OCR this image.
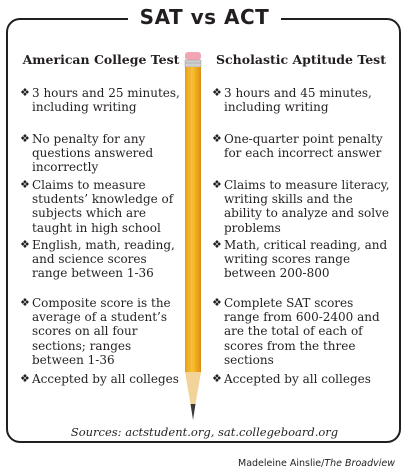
SAT vs ACT
American College Test	Scholastic Aptitude Test
❖ 3 hours and 25 minutes, including writing
❖ No penalty for any questions answered incorrectly
❖ Claims to measure students’ knowledge of subjects which are taught in high school
❖ English, math, reading, and science scores range between 1-36
❖ Composite score is the average of a student’s scores on all four sections; ranges between 1-36
❖ Accepted by all colleges
❖ 3 hours and 45 minutes, including writing
❖ One-quarter point penalty for each incorrect answer
❖ Claims to measure literacy, writing skills and the ability to analyze and solve problems
❖ Math, critical reading, and writing scores range between 200-800
❖ Complete SAT scores range from 600-2400 and are the total of each of scores from the three sections
❖ Accepted by all colleges
Sources: actstudent.org, sat.collegeboard.org
Madeleine Ainslie/The Broadview
